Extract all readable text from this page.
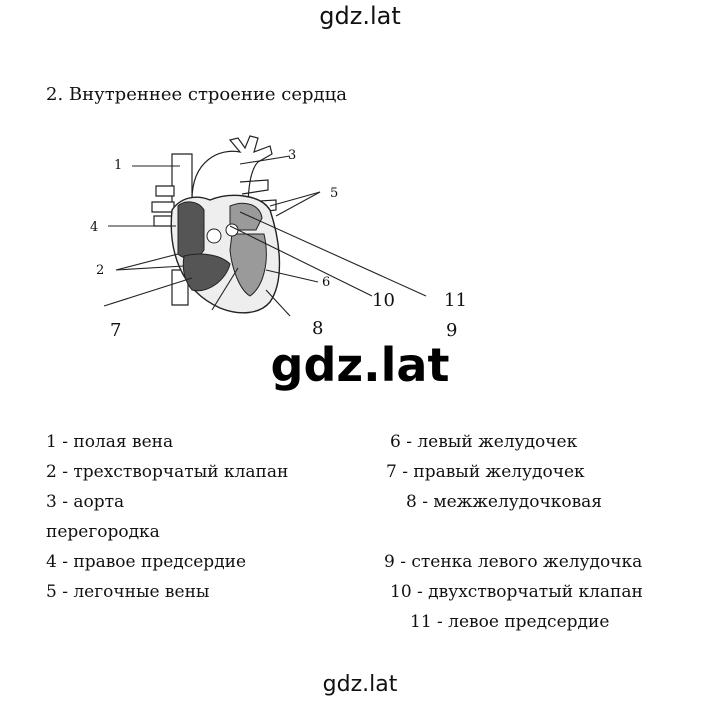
gdz.lat
2. Внутреннее строение сердца
1
3
5
4
2
6
10	11
7	8	9
gdz.lat
1 - полая вена
2 - трехстворчатый клапан
3 - аорта
перегородка
4 - правое предсердие
5 - легочные вены
6 - левый желудочек
7 - правый желудочек
8 - межжелудочковая
9 - стенка левого желудочка
10 - двухстворчатый клапан
11 - левое предсердие
gdz.lat
